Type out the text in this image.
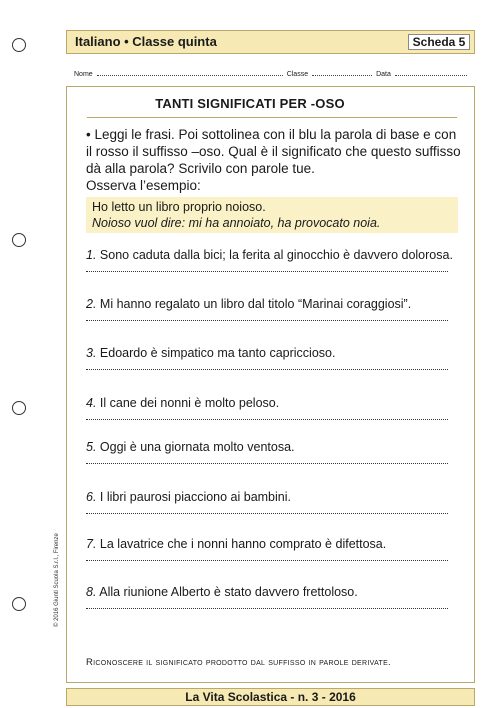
Italiano • Classe quinta	Scheda 5
Nome	Classe	Data
TANTI SIGNIFICATI PER -OSO
• Leggi le frasi. Poi sottolinea con il blu la parola di base e con il rosso il suffisso –oso. Qual è il significato che questo suffisso dà alla parola? Scrivilo con parole tue.
Osserva l’esempio:
Ho letto un libro proprio noioso.
Noioso vuol dire: mi ha annoiato, ha provocato noia.
1. Sono caduta dalla bici; la ferita al ginocchio è davvero dolorosa.
2. Mi hanno regalato un libro dal titolo “Marinai coraggiosi”.
3. Edoardo è simpatico ma tanto capriccioso.
4. Il cane dei nonni è molto peloso.
5. Oggi è una giornata molto ventosa.
6. I libri paurosi piacciono ai bambini.
7. La lavatrice che i nonni hanno comprato è difettosa.
8. Alla riunione Alberto è stato davvero frettoloso.
Riconoscere il significato prodotto dal suffisso in parole derivate.
© 2016 Giunti Scuola S.r.l., Firenze
La Vita Scolastica - n. 3 - 2016
